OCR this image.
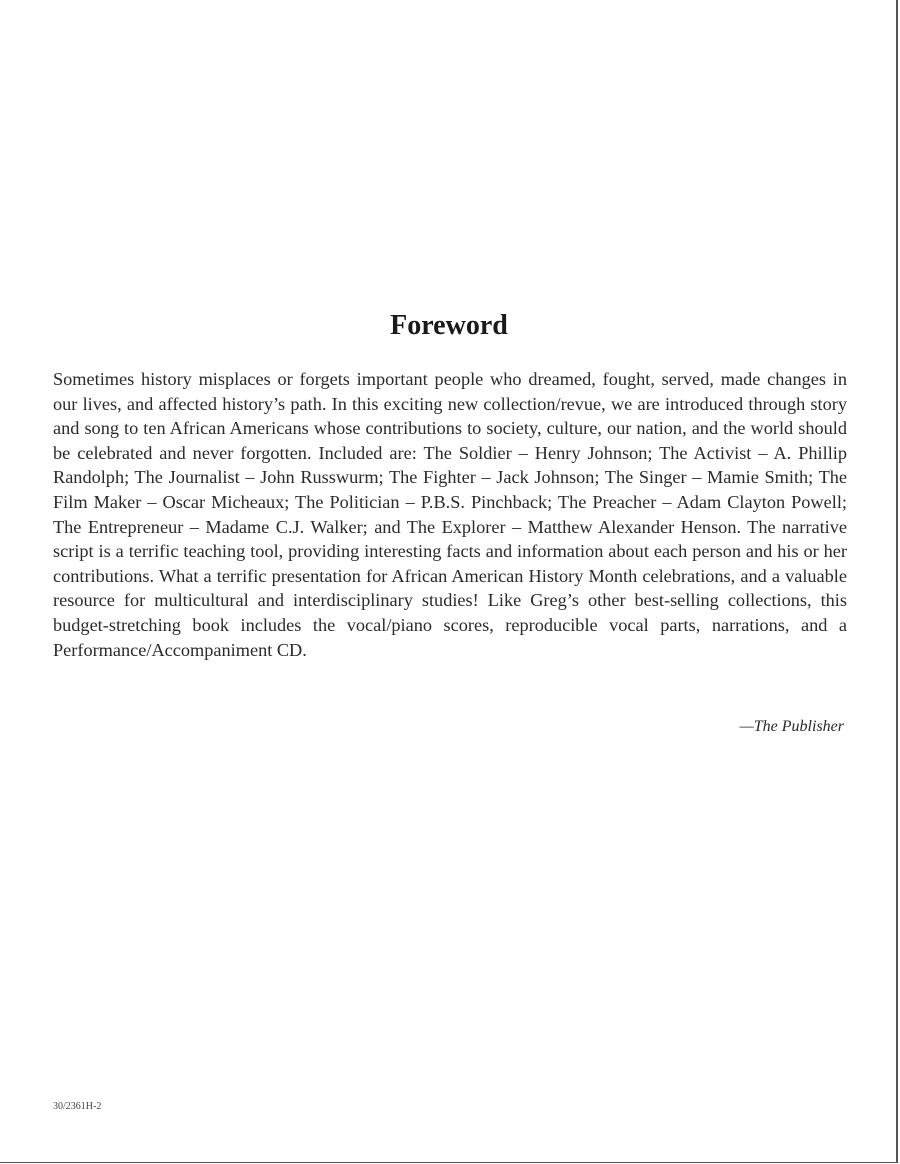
Foreword

Sometimes history misplaces or forgets important people who dreamed, fought, served, made changes in our lives, and affected history’s path. In this exciting new collection/revue, we are introduced through story and song to ten African Americans whose contributions to society, culture, our nation, and the world should be celebrated and never forgotten. Included are: The Soldier – Henry Johnson; The Activist – A. Phillip Randolph; The Journalist – John Russwurm; The Fighter – Jack Johnson; The Singer – Mamie Smith; The Film Maker – Oscar Micheaux; The Politician – P.B.S. Pinchback; The Preacher – Adam Clayton Powell; The Entrepreneur – Madame C.J. Walker; and The Explorer – Matthew Alexander Henson. The narrative script is a terrific teaching tool, providing interesting facts and information about each person and his or her contributions. What a terrific presentation for African American History Month celebrations, and a valuable resource for multicultural and interdisciplinary studies! Like Greg’s other best-selling collections, this budget-stretching book includes the vocal/piano scores, reproducible vocal parts, narrations, and a Performance/Accompaniment CD.

—The Publisher

30/2361H-2
